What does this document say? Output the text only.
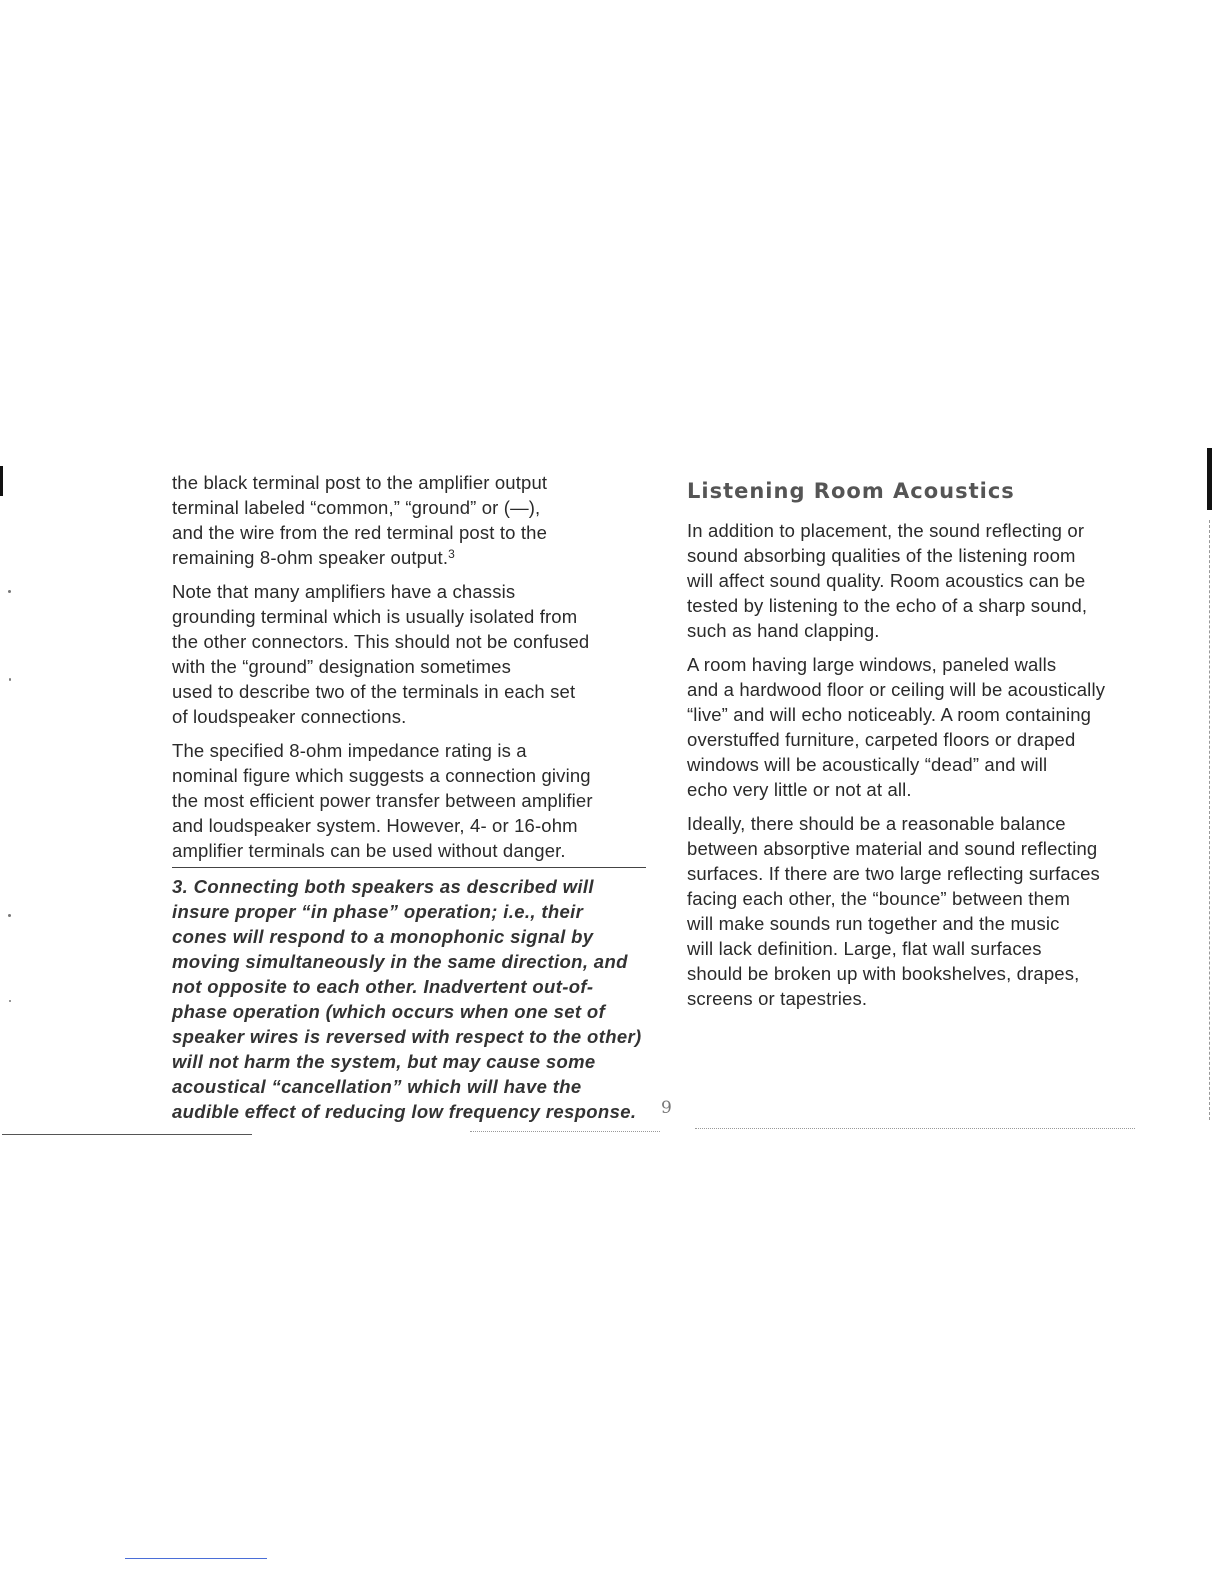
the black terminal post to the amplifier output
terminal labeled “common,” “ground” or (—),
and the wire from the red terminal post to the
remaining 8-ohm speaker output.$^3$

Note that many amplifiers have a chassis
grounding terminal which is usually isolated from
the other connectors. This should not be confused
with the “ground” designation sometimes
used to describe two of the terminals in each set
of loudspeaker connections.

The specified 8-ohm impedance rating is a
nominal figure which suggests a connection giving
the most efficient power transfer between amplifier
and loudspeaker system. However, 4- or 16-ohm
amplifier terminals can be used without danger.

3. Connecting both speakers as described will
insure proper “in phase” operation; i.e., their
cones will respond to a monophonic signal by
moving simultaneously in the same direction, and
not opposite to each other. Inadvertent out-of-
phase operation (which occurs when one set of
speaker wires is reversed with respect to the other)
will not harm the system, but may cause some
acoustical “cancellation” which will have the
audible effect of reducing low frequency response.	9
Listening Room Acoustics

In addition to placement, the sound reflecting or
sound absorbing qualities of the listening room
will affect sound quality. Room acoustics can be
tested by listening to the echo of a sharp sound,
such as hand clapping.

A room having large windows, paneled walls
and a hardwood floor or ceiling will be acoustically
“live” and will echo noticeably. A room containing
overstuffed furniture, carpeted floors or draped
windows will be acoustically “dead” and will
echo very little or not at all.

Ideally, there should be a reasonable balance
between absorptive material and sound reflecting
surfaces. If there are two large reflecting surfaces
facing each other, the “bounce” between them
will make sounds run together and the music
will lack definition. Large, flat wall surfaces
should be broken up with bookshelves, drapes,
screens or tapestries.
